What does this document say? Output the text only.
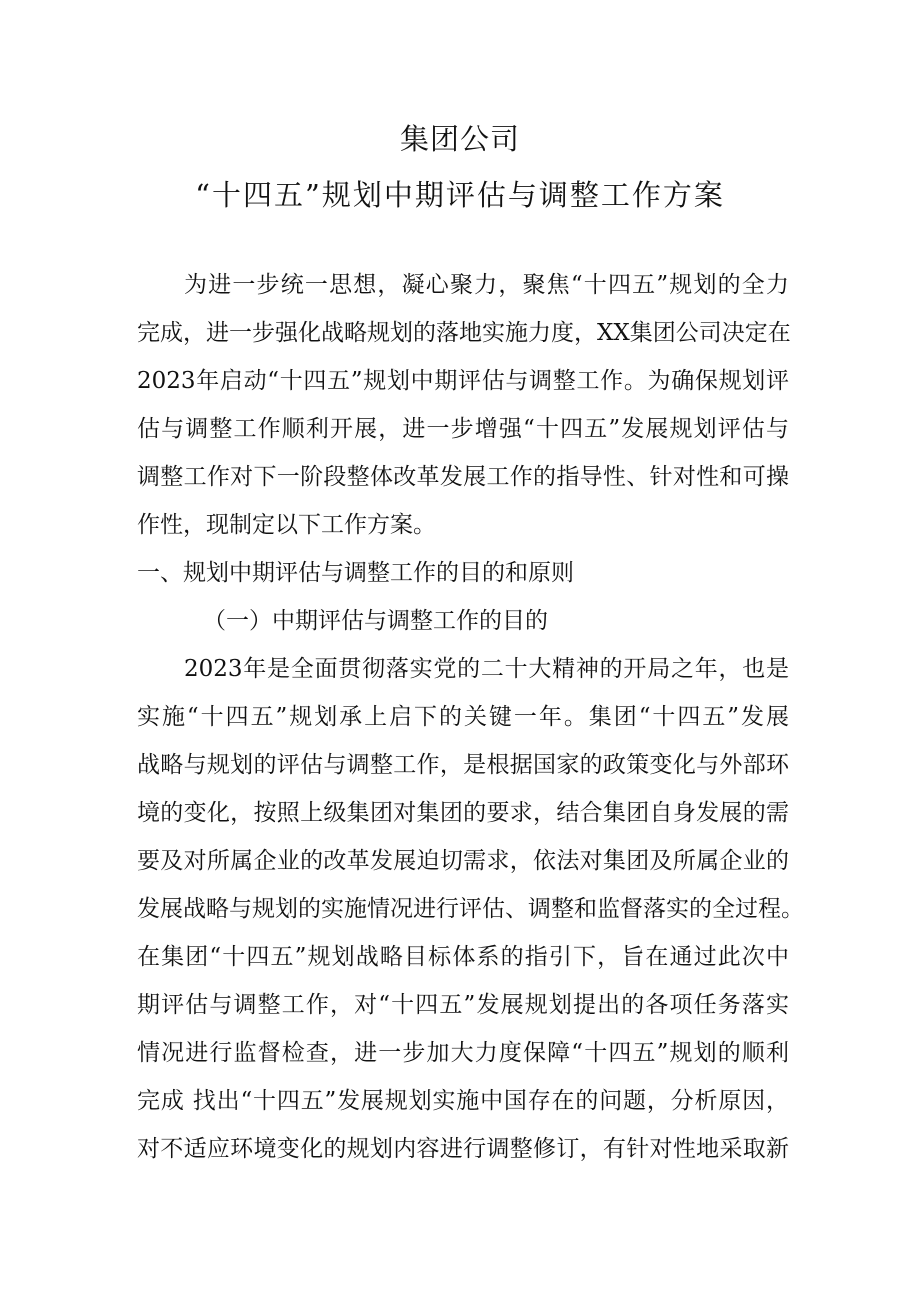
集团公司
“十四五”规划中期评估与调整工作方案
为进一步统一思想，凝心聚力，聚焦“十四五”规划的全力
完成，进一步强化战略规划的落地实施力度，XX集团公司决定在
2023年启动“十四五”规划中期评估与调整工作。为确保规划评
估与调整工作顺利开展，进一步增强“十四五”发展规划评估与
调整工作对下一阶段整体改革发展工作的指导性、针对性和可操
作性，现制定以下工作方案。
一、规划中期评估与调整工作的目的和原则
（一）中期评估与调整工作的目的
2023年是全面贯彻落实党的二十大精神的开局之年，也是
实施“十四五”规划承上启下的关键一年。集团“十四五”发展
战略与规划的评估与调整工作，是根据国家的政策变化与外部环
境的变化，按照上级集团对集团的要求，结合集团自身发展的需
要及对所属企业的改革发展迫切需求，依法对集团及所属企业的
发展战略与规划的实施情况进行评估、调整和监督落实的全过程。
在集团“十四五”规划战略目标体系的指引下，旨在通过此次中
期评估与调整工作，对“十四五”发展规划提出的各项任务落实
情况进行监督检查，进一步加大力度保障“十四五”规划的顺利
完成 找出“十四五”发展规划实施中国存在的问题，分析原因，
对不适应环境变化的规划内容进行调整修订，有针对性地采取新
